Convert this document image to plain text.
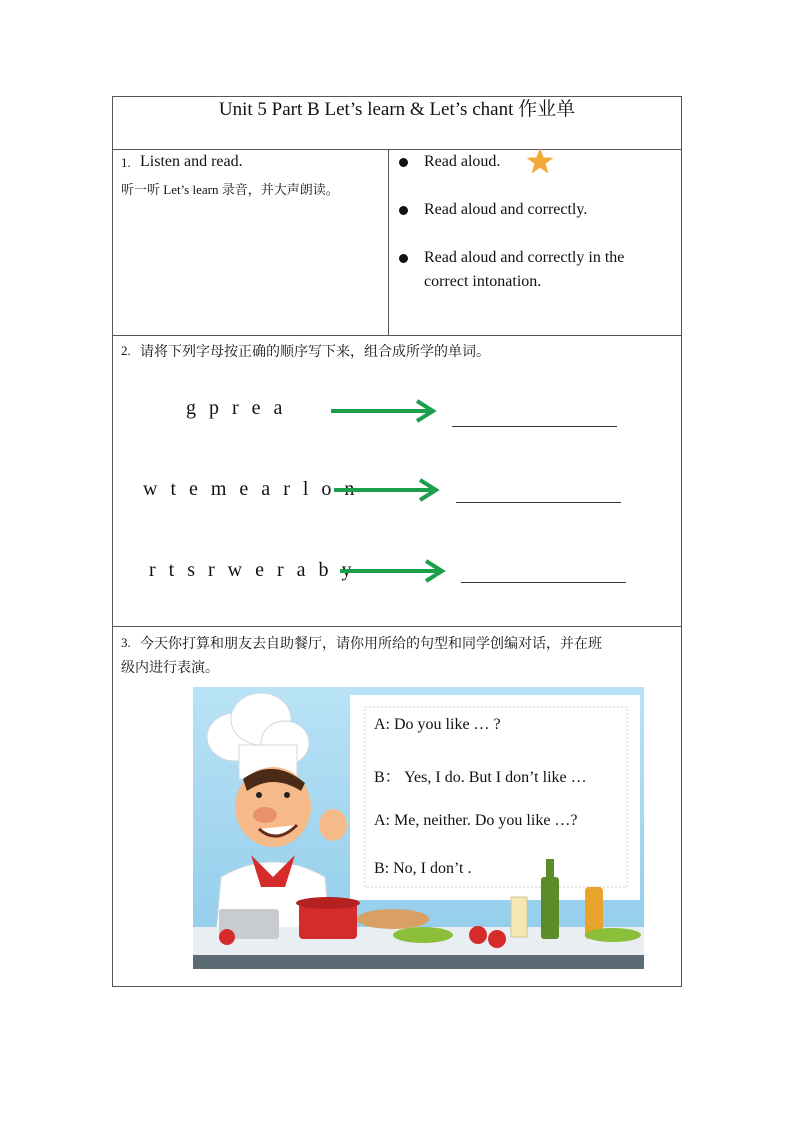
Unit 5 Part B Let’s learn & Let’s chant 作业单
1. Listen and read.
听一听 Let’s learn 录音，并大声朗读。
Read aloud.
Read aloud and correctly.
Read aloud and correctly in the
correct intonation.
2. 请将下列字母按正确的顺序写下来，组合成所学的单词。
g p r e a
w t e m e a r l o n
r t s r w e r a b y
3. 今天你打算和朋友去自助餐厅，请你用所给的句型和同学创编对话，并在班
级内进行表演。
A: Do you like … ?
B： Yes, I do. But I don’t like …
A: Me, neither. Do you like …?
B: No, I don’t .
